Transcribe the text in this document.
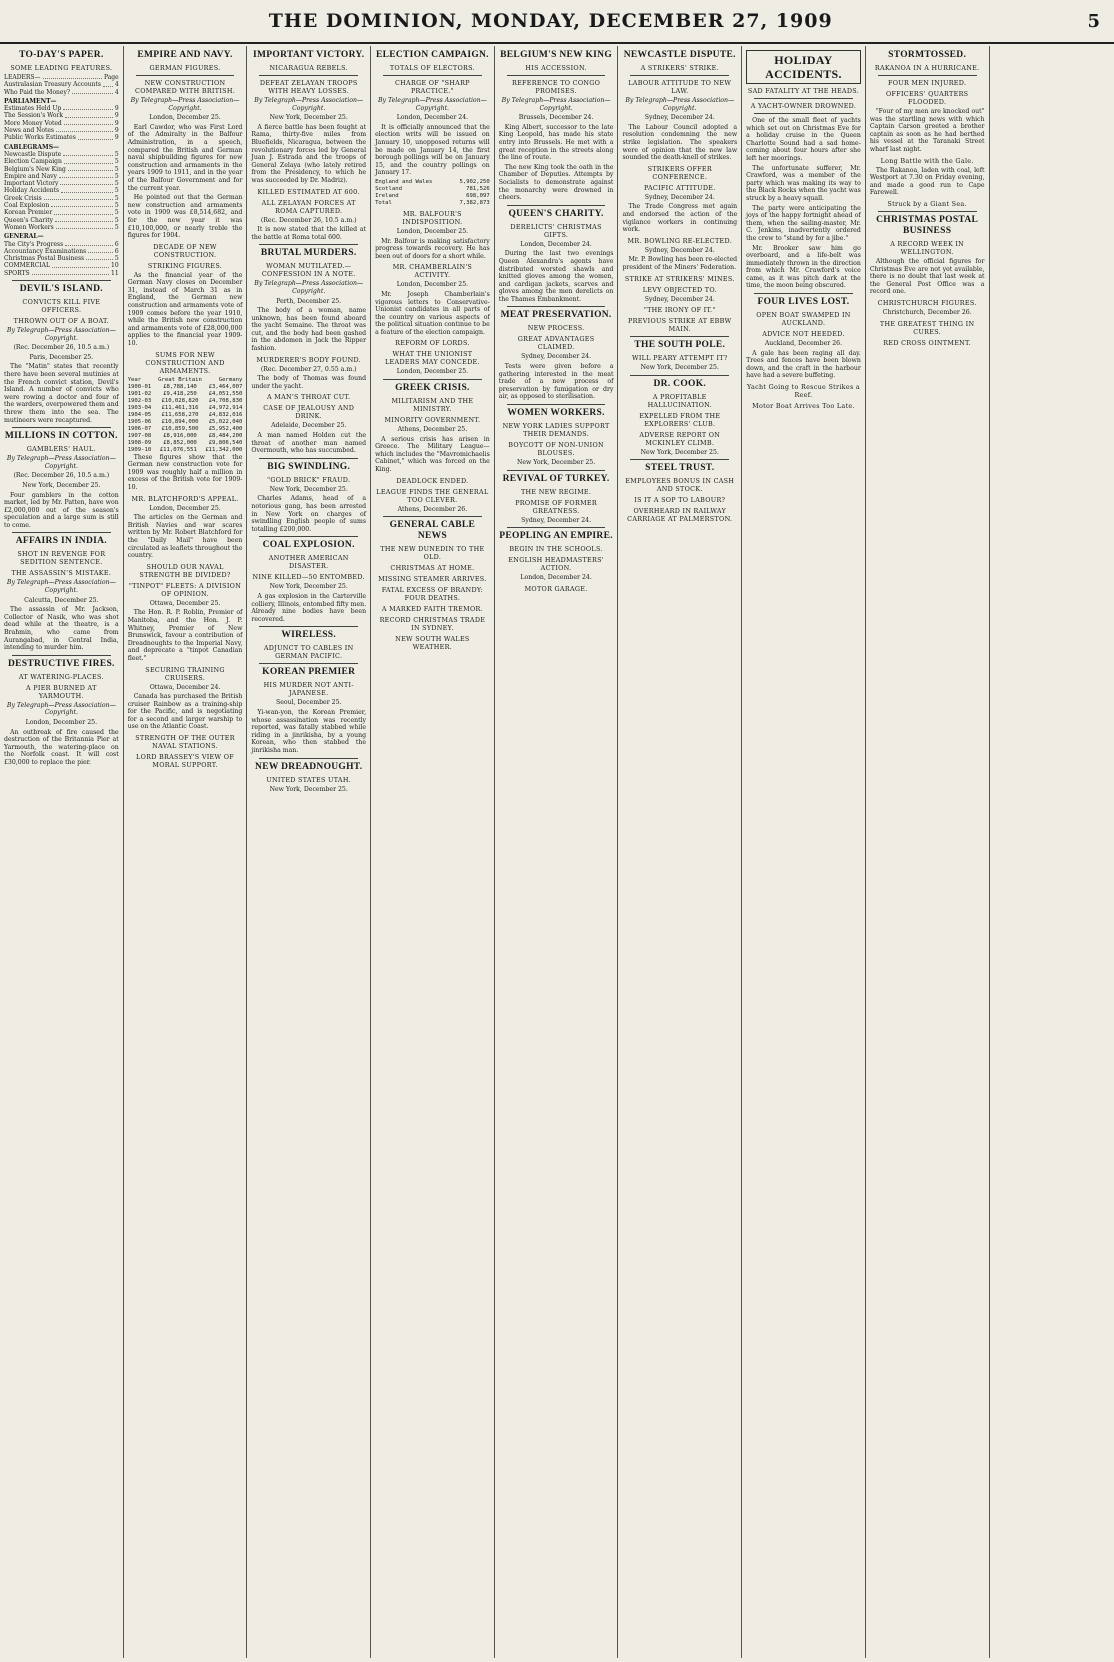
THE DOMINION, MONDAY, DECEMBER 27, 1909	5
TO-DAY'S PAPER.
SOME LEADING FEATURES.
LEADERS—	Page
Australasian Treasury Accounts 4
Who Paid the Money?	4
PARLIAMENT—
Estimates Held Up	9
The Session's Work	9
More Money Voted	9
News and Notes	9
Public Works Estimates	9
CABLEGRAMS—
Newcastle Dispute	5
Election Campaign	5
Belgium's New King	5
Empire and Navy	5
Important Victory	5
Holiday Accidents	5
Greek Crisis	5
Coal Explosion	5
Korean Premier	5
Queen's Charity	5
Women Workers	5
GENERAL—
The City's Progress	6
Accountancy Examinations	6
Christmas Postal Business	5
COMMERCIAL	10
SPORTS	11
DEVIL'S ISLAND.
CONVICTS KILL FIVE OFFICERS.
THROWN OUT OF A BOAT.

By Telegraph—Press Association—Copyright.

(Rec. December 26, 10.5 a.m.)

Paris, December 25.

The "Matin" states that recently there have been several mutinies at the French convict station, Devil's Island. A number of convicts who were rowing a doctor and four of the warders, overpowered them and threw them into the sea. The mutineers were recaptured.

MILLIONS IN COTTON.
GAMBLERS' HAUL.

By Telegraph—Press Association—Copyright.

(Rec. December 26, 10.5 a.m.)

New York, December 25.

Four gamblers in the cotton market, led by Mr. Patten, have won £2,000,000 out of the season's speculation and a large sum is still to come.

AFFAIRS IN INDIA.
SHOT IN REVENGE FOR SEDITION SENTENCE.
THE ASSASSIN'S MISTAKE.

By Telegraph—Press Association—Copyright.

Calcutta, December 25.

The assassin of Mr. Jackson, Collector of Nasik, who was shot dead while at the theatre, is a Brahmin, who came from Aurangabad, in Central India, intending to murder him.

DESTRUCTIVE FIRES.
AT WATERING-PLACES.
A PIER BURNED AT YARMOUTH.

By Telegraph—Press Association—Copyright.

London, December 25.

An outbreak of fire caused the destruction of the Britannia Pier at Yarmouth, the watering-place on the Norfolk coast. It will cost £30,000 to replace the pier.

EMPIRE AND NAVY.
GERMAN FIGURES.
NEW CONSTRUCTION COMPARED WITH BRITISH.

By Telegraph—Press Association—Copyright.

London, December 25.

Earl Cawdor, who was First Lord of the Admiralty in the Balfour Administration, in a speech, compared the British and German naval shipbuilding figures for new construction and armaments in the years 1909 to 1911, and in the year of the Balfour Government and for the current year.

He pointed out that the German new construction and armaments vote in 1909 was £8,514,682, and for the new year it was £10,100,000, or nearly treble the figures for 1904.

DECADE OF NEW CONSTRUCTION.
STRIKING FIGURES.

As the financial year of the German Navy closes on December 31, instead of March 31 as in England, the German new construction and armaments vote of 1909 comes before the year 1910, while the British new construction and armaments vote of £28,000,000 applies to the financial year 1909-10.

SUMS FOR NEW CONSTRUCTION AND ARMAMENTS.
Year	Great Britain	Germany
1900-01 £8,788,140 £3,464,007
1901-02 £9,418,250 £4,051,550
1902-03 £10,028,820 £4,708,830
1903-04 £11,461,316 £4,972,914
1904-05 £11,658,270 £4,832,016
1905-06 £10,894,000 £5,022,040
1906-07 £10,859,500 £5,952,400
1907-08 £8,916,000 £8,484,200
1908-09 £8,852,000 £9,806,540
1909-10 £11,076,551 £11,342,000

These figures show that the German new construction vote for 1909 was roughly half a million in excess of the British vote for 1909-10.

MR. BLATCHFORD'S APPEAL.

London, December 25.

The articles on the German and British Navies and war scares written by Mr. Robert Blatchford for the "Daily Mail" have been circulated as leaflets throughout the country.

SHOULD OUR NAVAL STRENGTH BE DIVIDED?
"TINPOT" FLEETS: A DIVISION OF OPINION.

Ottawa, December 25.

The Hon. R. P. Roblin, Premier of Manitoba, and the Hon. J. P. Whitney, Premier of New Brunswick, favour a contribution of Dreadnoughts to the Imperial Navy, and deprecate a "tinpot Canadian fleet."

SECURING TRAINING CRUISERS.

Ottawa, December 24.

Canada has purchased the British cruiser Rainbow as a training-ship for the Pacific, and is negotiating for a second and larger warship to use on the Atlantic Coast.

STRENGTH OF THE OUTER NAVAL STATIONS.
LORD BRASSEY'S VIEW OF MORAL SUPPORT.
IMPORTANT VICTORY.
NICARAGUA REBELS.
DEFEAT ZELAYAN TROOPS WITH HEAVY LOSSES.

By Telegraph—Press Association—Copyright.

New York, December 25.

A fierce battle has been fought at Rama, thirty-five miles from Bluefields, Nicaragua, between the revolutionary forces led by General Juan J. Estrada and the troops of General Zelaya (who lately retired from the Presidency, to which he was succeeded by Dr. Madriz).

KILLED ESTIMATED AT 600.
ALL ZELAYAN FORCES AT ROMA CAPTURED.

(Rec. December 26, 10.5 a.m.)

It is now stated that the killed at the battle at Roma total 600.

BRUTAL MURDERS.
WOMAN MUTILATED.—CONFESSION IN A NOTE.

By Telegraph—Press Association—Copyright.

Perth, December 25.

The body of a woman, name unknown, has been found aboard the yacht Semaine. The throat was cut, and the body had been gashed in the abdomen in Jack the Ripper fashion.

MURDERER'S BODY FOUND.

(Rec. December 27, 0.55 a.m.)

The body of Thomas was found under the yacht.

A MAN'S THROAT CUT.
CASE OF JEALOUSY AND DRINK.

Adelaide, December 25.

A man named Holden cut the throat of another man named Overmouth, who has succumbed.

BIG SWINDLING.
"GOLD BRICK" FRAUD.

New York, December 25.

Charles Adams, head of a notorious gang, has been arrested in New York on charges of swindling English people of sums totalling £200,000.

COAL EXPLOSION.
ANOTHER AMERICAN DISASTER.
NINE KILLED—50 ENTOMBED.

New York, December 25.

A gas explosion in the Carterville colliery, Illinois, entombed fifty men. Already nine bodies have been recovered.

WIRELESS.
ADJUNCT TO CABLES IN GERMAN PACIFIC.
KOREAN PREMIER
HIS MURDER NOT ANTI-JAPANESE.

Seoul, December 25.

Yi-wan-yon, the Korean Premier, whose assassination was recently reported, was fatally stabbed while riding in a jinrikisha, by a young Korean, who then stabbed the jinrikisha man.

NEW DREADNOUGHT.
UNITED STATES UTAH.

New York, December 25.

ELECTION CAMPAIGN.
TOTALS OF ELECTORS.
CHARGE OF "SHARP PRACTICE."

By Telegraph—Press Association—Copyright.

London, December 24.

It is officially announced that the election writs will be issued on January 10, unopposed returns will be made on January 14, the first borough pollings will be on January 15, and the country pollings on January 17.

England and Wales	5,902,250
Scotland	781,526
Ireland	698,097
Total	7,382,873
MR. BALFOUR'S INDISPOSITION.

London, December 25.

Mr. Balfour is making satisfactory progress towards recovery. He has been out of doors for a short while.

MR. CHAMBERLAIN'S ACTIVITY.

London, December 25.

Mr. Joseph Chamberlain's vigorous letters to Conservative-Unionist candidates in all parts of the country on various aspects of the political situation continue to be a feature of the election campaign.

REFORM OF LORDS.
WHAT THE UNIONIST LEADERS MAY CONCEDE.

London, December 25.

GREEK CRISIS.
MILITARISM AND THE MINISTRY.
MINORITY GOVERNMENT.

Athens, December 25.

A serious crisis has arisen in Greece. The Military League—which includes the "Mavromichaelis Cabinet," which was forced on the King.

DEADLOCK ENDED.
LEAGUE FINDS THE GENERAL TOO CLEVER.

Athens, December 26.

GENERAL CABLE NEWS
THE NEW DUNEDIN TO THE OLD.
CHRISTMAS AT HOME.
MISSING STEAMER ARRIVES.
FATAL EXCESS OF BRANDY: FOUR DEATHS.
A MARKED FAITH TREMOR.
RECORD CHRISTMAS TRADE IN SYDNEY.
NEW SOUTH WALES WEATHER.
BELGIUM'S NEW KING
HIS ACCESSION.
REFERENCE TO CONGO PROMISES.

By Telegraph—Press Association—Copyright.

Brussels, December 24.

King Albert, successor to the late King Leopold, has made his state entry into Brussels. He met with a great reception in the streets along the line of route.

The new King took the oath in the Chamber of Deputies. Attempts by Socialists to demonstrate against the monarchy were drowned in cheers.

QUEEN'S CHARITY.
DERELICTS' CHRISTMAS GIFTS.

London, December 24.

During the last two evenings Queen Alexandra's agents have distributed worsted shawls and knitted gloves among the women, and cardigan jackets, scarves and gloves among the men derelicts on the Thames Embankment.

MEAT PRESERVATION.
NEW PROCESS.
GREAT ADVANTAGES CLAIMED.

Sydney, December 24.

Tests were given before a gathering interested in the meat trade of a new process of preservation by fumigation or dry air, as opposed to sterilisation.

WOMEN WORKERS.
NEW YORK LADIES SUPPORT THEIR DEMANDS.
BOYCOTT OF NON-UNION BLOUSES.

New York, December 25.

REVIVAL OF TURKEY.
THE NEW REGIME.
PROMISE OF FORMER GREATNESS.

Sydney, December 24.

PEOPLING AN EMPIRE.
BEGIN IN THE SCHOOLS.
ENGLISH HEADMASTERS' ACTION.

London, December 24.

MOTOR GARAGE.
NEWCASTLE DISPUTE.
A STRIKERS' STRIKE.
LABOUR ATTITUDE TO NEW LAW.

By Telegraph—Press Association—Copyright.

Sydney, December 24.

The Labour Council adopted a resolution condemning the new strike legislation. The speakers were of opinion that the new law sounded the death-knell of strikes.

STRIKERS OFFER CONFERENCE.
PACIFIC ATTITUDE.

Sydney, December 24.

The Trade Congress met again and endorsed the action of the vigilance workers in continuing work.

MR. BOWLING RE-ELECTED.

Sydney, December 24.

Mr. P. Bowling has been re-elected president of the Miners' Federation.

STRIKE AT STRIKERS' MINES.
LEVY OBJECTED TO.

Sydney, December 24.

"THE IRONY OF IT."
PREVIOUS STRIKE AT EBBW MAIN.
THE SOUTH POLE.
WILL PEARY ATTEMPT IT?

New York, December 25.

DR. COOK.
A PROFITABLE HALLUCINATION.
EXPELLED FROM THE EXPLORERS' CLUB.
ADVERSE REPORT ON MCKINLEY CLIMB.

New York, December 25.

STEEL TRUST.
EMPLOYEES BONUS IN CASH AND STOCK.
IS IT A SOP TO LABOUR?
OVERHEARD IN RAILWAY CARRIAGE AT PALMERSTON.
HOLIDAY ACCIDENTS.
SAD FATALITY AT THE HEADS.
A YACHT-OWNER DROWNED.

One of the small fleet of yachts which set out on Christmas Eve for a holiday cruise in the Queen Charlotte Sound had a sad home-coming about four hours after she left her moorings.

The unfortunate sufferer, Mr. Crawford, was a member of the party which was making its way to the Black Rocks when the yacht was struck by a heavy squall.

The party were anticipating the joys of the happy fortnight ahead of them, when the sailing-master, Mr. C. Jenkins, inadvertently ordered the crew to "stand by for a jibe."

Mr. Brooker saw him go overboard, and a life-belt was immediately thrown in the direction from which Mr. Crawford's voice came, as it was pitch dark at the time, the moon being obscured.

FOUR LIVES LOST.
OPEN BOAT SWAMPED IN AUCKLAND.
ADVICE NOT HEEDED.

Auckland, December 26.

A gale has been raging all day. Trees and fences have been blown down, and the craft in the harbour have had a severe buffeting.

Yacht Going to Rescue Strikes a Reef.
Motor Boat Arrives Too Late.
STORMTOSSED.
RAKANOA IN A HURRICANE.
FOUR MEN INJURED.
OFFICERS' QUARTERS FLOODED.

"Four of my men are knocked out" was the startling news with which Captain Carson greeted a brother captain as soon as he had berthed his vessel at the Taranaki Street wharf last night.

Long Battle with the Gale.

The Rakanoa, laden with coal, left Westport at 7.30 on Friday evening, and made a good run to Cape Farewell.

Struck by a Giant Sea.
CHRISTMAS POSTAL BUSINESS
A RECORD WEEK IN WELLINGTON.

Although the official figures for Christmas Eve are not yet available, there is no doubt that last week at the General Post Office was a record one.

CHRISTCHURCH FIGURES.

Christchurch, December 26.

THE GREATEST THING IN CURES.
RED CROSS OINTMENT.
